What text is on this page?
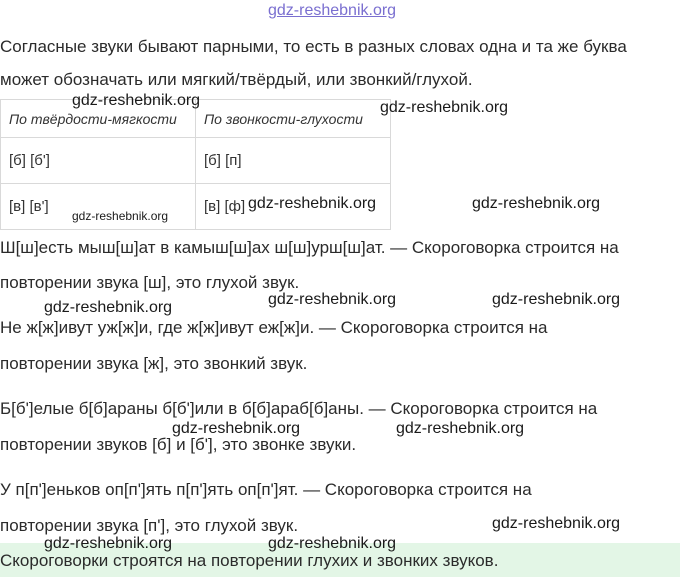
gdz-reshebnik.org
Согласные звуки бывают парными, то есть в разных словах одна и та же буква
может обозначать или мягкий/твёрдый, или звонкий/глухой.
По твёрдости-мягкости	По звонкости-глухости
[б] [б']	[б] [п]
[в] [в']	[в] [ф]
Ш[ш]есть мыш[ш]ат в камыш[ш]ах ш[ш]урш[ш]ат. — Скороговорка строится на
повторении звука [ш], это глухой звук.
Не ж[ж]ивут уж[ж]и, где ж[ж]ивут еж[ж]и. — Скороговорка строится на
повторении звука [ж], это звонкий звук.
Б[б']елые б[б]араны б[б']или в б[б]араб[б]аны. — Скороговорка строится на
повторении звуков [б] и [б'], это звонке звуки.
У п[п']еньков оп[п']ять п[п']ять оп[п']ят. — Скороговорка строится на
повторении звука [п'], это глухой звук.
Скороговорки строятся на повторении глухих и звонких звуков.
gdz-reshebnik.org	gdz-reshebnik.org
gdz-reshebnik.org
gdz-reshebnik.org	gdz-reshebnik.org
gdz-reshebnik.org	gdz-reshebnik.org	gdz-reshebnik.org
gdz-reshebnik.org	gdz-reshebnik.org
gdz-reshebnik.org
gdz-reshebnik.org	gdz-reshebnik.org
